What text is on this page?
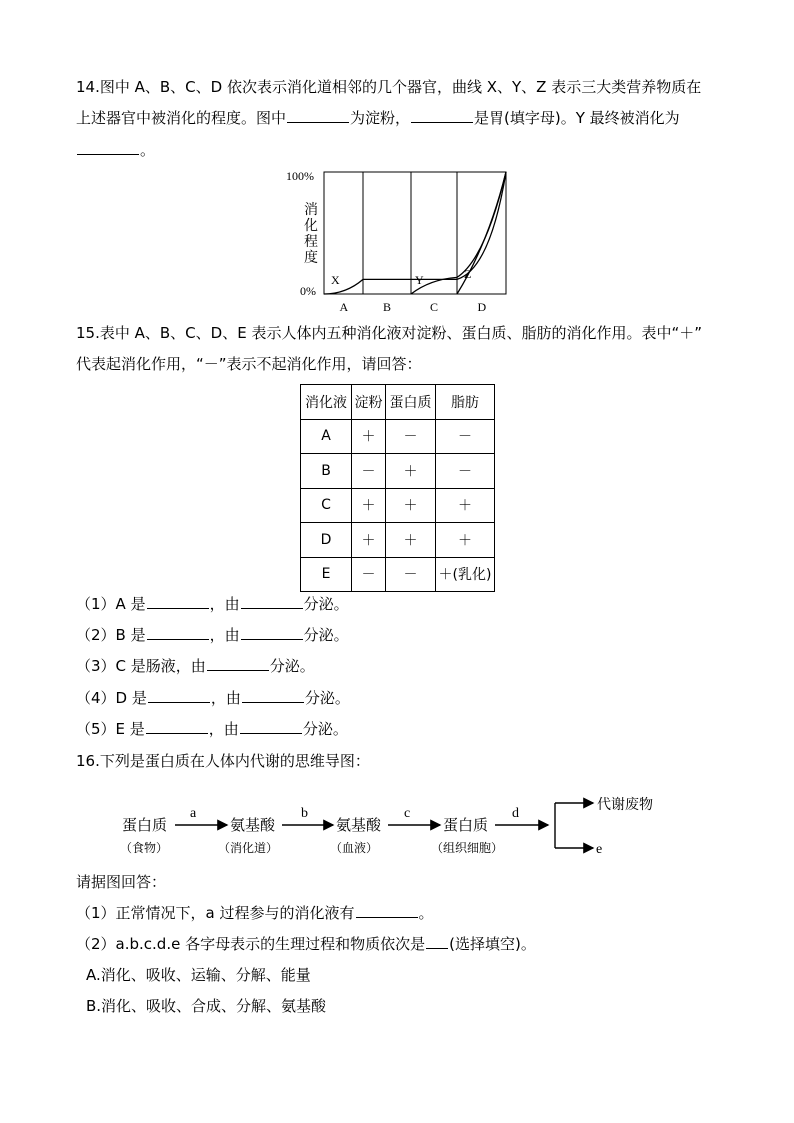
14.图中 A、B、C、D 依次表示消化道相邻的几个器官，曲线 X、Y、Z 表示三大类营养物质在
上述器官中被消化的程度。图中	为淀粉，	是胃(填字母)。Y 最终被消化为
。
100%
0%
消
化
程
度
X	Y	Z
A	B	C	D
15.表中 A、B、C、D、E 表示人体内五种消化液对淀粉、蛋白质、脂肪的消化作用。表中“＋”
代表起消化作用，“－”表示不起消化作用，请回答：
消化液	淀粉	蛋白质	脂肪
A	＋	－	－
B	－	＋	－
C	＋	＋	＋
D	＋	＋	＋
E	－	－	＋(乳化)
（1）A 是	，由	分泌。
（2）B 是	，由	分泌。
（3）C 是肠液，由	分泌。
（4）D 是	，由	分泌。
（5）E 是	，由	分泌。
16.下列是蛋白质在人体内代谢的思维导图：
蛋白质
（食物）
氨基酸
（消化道）
氨基酸
（血液）
蛋白质
（组织细胞）
a	b	c	d
代谢废物
e
请据图回答：
（1）正常情况下，a 过程参与的消化液有	。
（2）a.b.c.d.e 各字母表示的生理过程和物质依次是 (选择填空)。
A.消化、吸收、运输、分解、能量
B.消化、吸收、合成、分解、氨基酸
